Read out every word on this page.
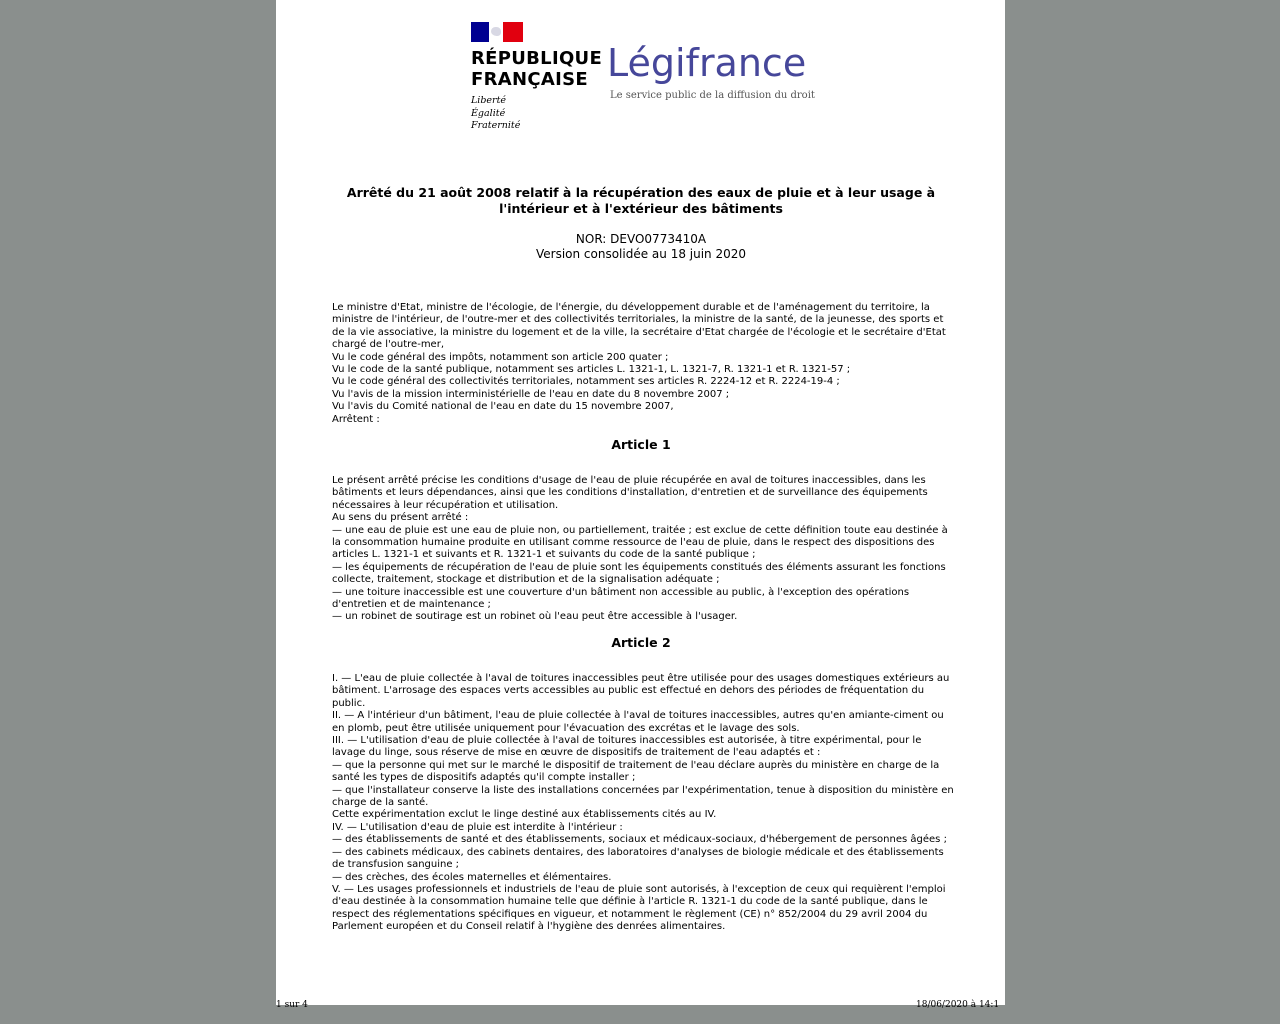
RÉPUBLIQUE FRANÇAISE
Liberté
Égalité
Fraternité
Légifrance
Le service public de la diffusion du droit
Arrêté du 21 août 2008 relatif à la récupération des eaux de pluie et à leur usage à l'intérieur et à l'extérieur des bâtiments
NOR: DEVO0773410A
Version consolidée au 18 juin 2020

Le ministre d'Etat, ministre de l'écologie, de l'énergie, du développement durable et de l'aménagement du territoire, la ministre de l'intérieur, de l'outre-mer et des collectivités territoriales, la ministre de la santé, de la jeunesse, des sports et de la vie associative, la ministre du logement et de la ville, la secrétaire d'Etat chargée de l'écologie et le secrétaire d'Etat chargé de l'outre-mer,

Vu le code général des impôts, notamment son article 200 quater ;

Vu le code de la santé publique, notamment ses articles L. 1321-1, L. 1321-7, R. 1321-1 et R. 1321-57 ;

Vu le code général des collectivités territoriales, notamment ses articles R. 2224-12 et R. 2224-19-4 ;

Vu l'avis de la mission interministérielle de l'eau en date du 8 novembre 2007 ;

Vu l'avis du Comité national de l'eau en date du 15 novembre 2007,

Arrêtent :

Article 1

Le présent arrêté précise les conditions d'usage de l'eau de pluie récupérée en aval de toitures inaccessibles, dans les bâtiments et leurs dépendances, ainsi que les conditions d'installation, d'entretien et de surveillance des équipements nécessaires à leur récupération et utilisation.

Au sens du présent arrêté :

— une eau de pluie est une eau de pluie non, ou partiellement, traitée ; est exclue de cette définition toute eau destinée à la consommation humaine produite en utilisant comme ressource de l'eau de pluie, dans le respect des dispositions des articles L. 1321-1 et suivants et R. 1321-1 et suivants du code de la santé publique ;

— les équipements de récupération de l'eau de pluie sont les équipements constitués des éléments assurant les fonctions collecte, traitement, stockage et distribution et de la signalisation adéquate ;

— une toiture inaccessible est une couverture d'un bâtiment non accessible au public, à l'exception des opérations d'entretien et de maintenance ;

— un robinet de soutirage est un robinet où l'eau peut être accessible à l'usager.

Article 2

I. — L'eau de pluie collectée à l'aval de toitures inaccessibles peut être utilisée pour des usages domestiques extérieurs au bâtiment. L'arrosage des espaces verts accessibles au public est effectué en dehors des périodes de fréquentation du public.

II. — A l'intérieur d'un bâtiment, l'eau de pluie collectée à l'aval de toitures inaccessibles, autres qu'en amiante-ciment ou en plomb, peut être utilisée uniquement pour l'évacuation des excrétas et le lavage des sols.

III. — L'utilisation d'eau de pluie collectée à l'aval de toitures inaccessibles est autorisée, à titre expérimental, pour le lavage du linge, sous réserve de mise en œuvre de dispositifs de traitement de l'eau adaptés et :

— que la personne qui met sur le marché le dispositif de traitement de l'eau déclare auprès du ministère en charge de la santé les types de dispositifs adaptés qu'il compte installer ;

— que l'installateur conserve la liste des installations concernées par l'expérimentation, tenue à disposition du ministère en charge de la santé.

Cette expérimentation exclut le linge destiné aux établissements cités au IV.

IV. — L'utilisation d'eau de pluie est interdite à l'intérieur :

— des établissements de santé et des établissements, sociaux et médicaux-sociaux, d'hébergement de personnes âgées ;

— des cabinets médicaux, des cabinets dentaires, des laboratoires d'analyses de biologie médicale et des établissements de transfusion sanguine ;

— des crèches, des écoles maternelles et élémentaires.

V. — Les usages professionnels et industriels de l'eau de pluie sont autorisés, à l'exception de ceux qui requièrent l'emploi d'eau destinée à la consommation humaine telle que définie à l'article R. 1321-1 du code de la santé publique, dans le respect des réglementations spécifiques en vigueur, et notamment le règlement (CE) n° 852/2004 du 29 avril 2004 du Parlement européen et du Conseil relatif à l'hygiène des denrées alimentaires.

1 sur 4	18/06/2020 à 14:1
